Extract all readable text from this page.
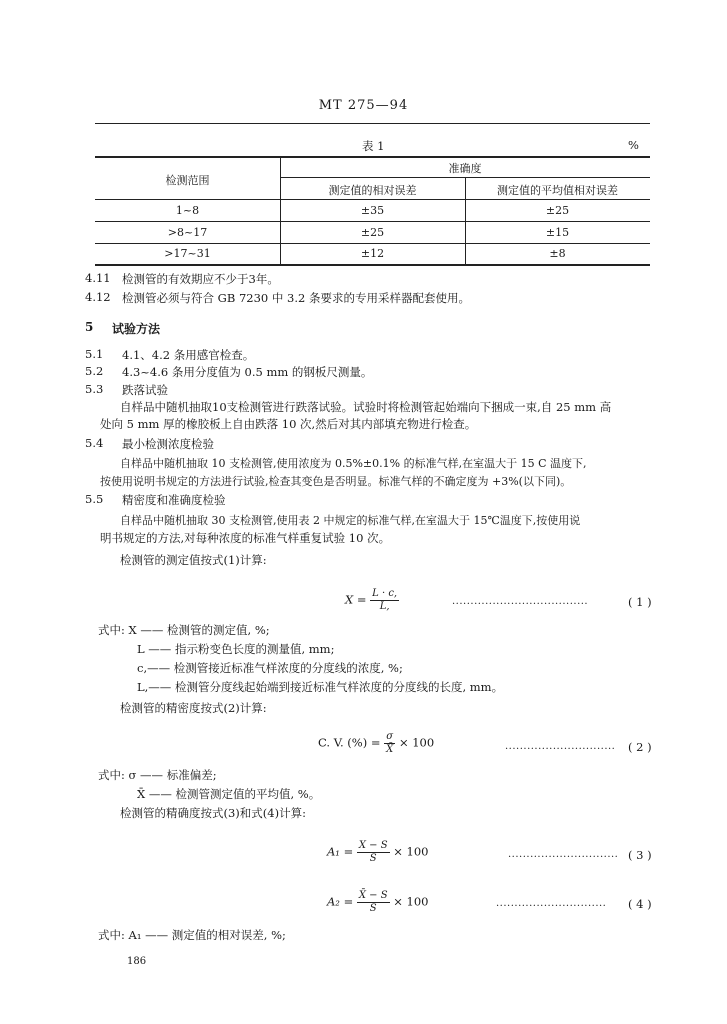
MT 275—94
表 1	%
检测范围
准确度
测定值的相对误差	测定值的平均值相对误差
1~8	±35	±25
>8~17	±25	±15
>17~31	±12	±8
4.11 检测管的有效期应不少于3年。
4.12 检测管必须与符合 GB 7230 中 3.2 条要求的专用采样器配套使用。
5 试验方法
5.1 4.1、4.2 条用感官检查。
5.2 4.3~4.6 条用分度值为 0.5 mm 的钢板尺测量。
5.3 跌落试验
自样品中随机抽取10支检测管进行跌落试验。试验时将检测管起始端向下捆成一束,自 25 mm 高
处向 5 mm 厚的橡胶板上自由跌落 10 次,然后对其内部填充物进行检查。
5.4 最小检测浓度检验
自样品中随机抽取 10 支检测管,使用浓度为 0.5%±0.1% 的标准气样,在室温大于 15 C 温度下,
按使用说明书规定的方法进行试验,检查其变色是否明显。标准气样的不确定度为 +3%(以下同)。
5.5 精密度和准确度检验
自样品中随机抽取 30 支检测管,使用表 2 中规定的标准气样,在室温大于 15℃温度下,按使用说
明书规定的方法,对每种浓度的标准气样重复试验 10 次。
检测管的测定值按式(1)计算:
$X = \frac{L \cdot c,}{L,}$	.....................................	( 1 )
式中: X —— 检测管的测定值, %;
L —— 指示粉变色长度的测量值, mm;
c,—— 检测管接近标准气样浓度的分度线的浓度, %;
L,—— 检测管分度线起始端到接近标准气样浓度的分度线的长度, mm。
检测管的精密度按式(2)计算:
C. V. (%) = $\frac{\sigma}{X̄} \times 100$	.............................. ( 2 )
式中: σ —— 标准偏差;
X̄ —— 检测管测定值的平均值, %。
检测管的精确度按式(3)和式(4)计算:
$A_1 = \frac{X - S}{S} \times 100$	.............................. ( 3 )
$A_2 = \frac{X̄ - S}{S} \times 100$	.............................. ( 4 )
式中: A₁ —— 测定值的相对误差, %;
186
